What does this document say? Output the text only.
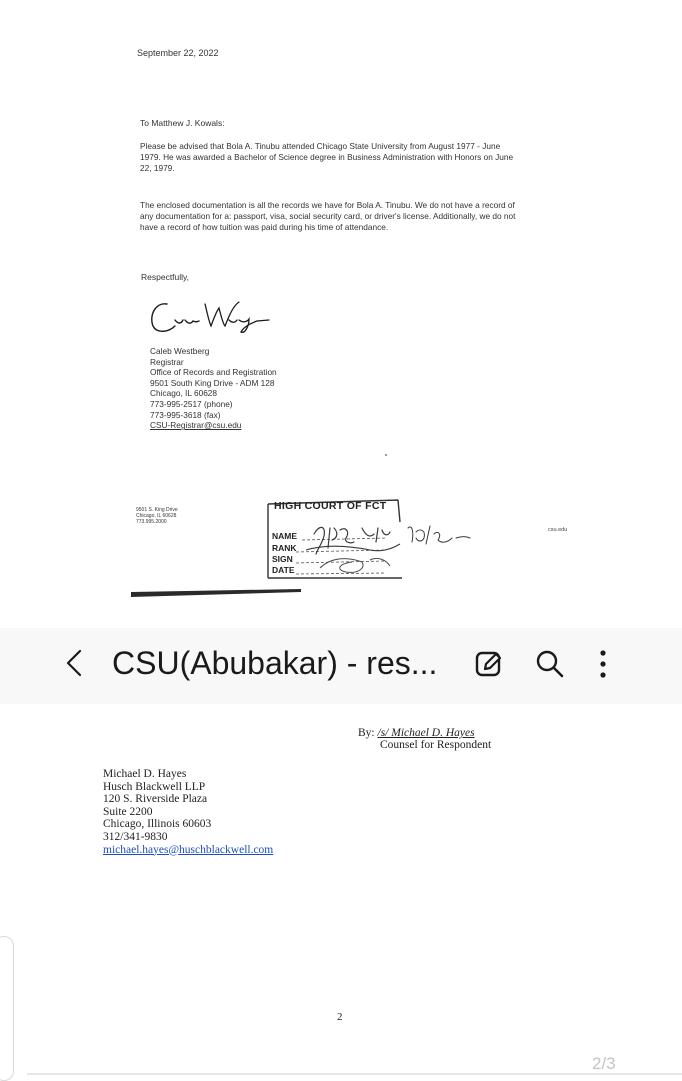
September 22, 2022
To Matthew J. Kowals:

Please be advised that Bola A. Tinubu attended Chicago State University from August 1977 - June 1979. He was awarded a Bachelor of Science degree in Business Administration with Honors on June 22, 1979.

The enclosed documentation is all the records we have for Bola A. Tinubu. We do not have a record of any documentation for a: passport, visa, social security card, or driver's license. Additionally, we do not have a record of how tuition was paid during his time of attendance.

Respectfully,
Caleb Westberg
Registrar
Office of Records and Registration
9501 South King Drive - ADM 128
Chicago, IL 60628
773-995-2517 (phone)
773-995-3618 (fax)
CSU-Registrar@csu.edu
9501 S. King Drive
Chicago, IL 60628
773.995.2000
csu.edu
HIGH COURT OF FCT
NAME
RANK
SIGN
DATE
CSU(Abubakar) - res...
By: /s/ Michael D. Hayes
Counsel for Respondent
Michael D. Hayes
Husch Blackwell LLP
120 S. Riverside Plaza
Suite 2200
Chicago, Illinois 60603
312/341-9830
michael.hayes@huschblackwell.com
2
2/3
